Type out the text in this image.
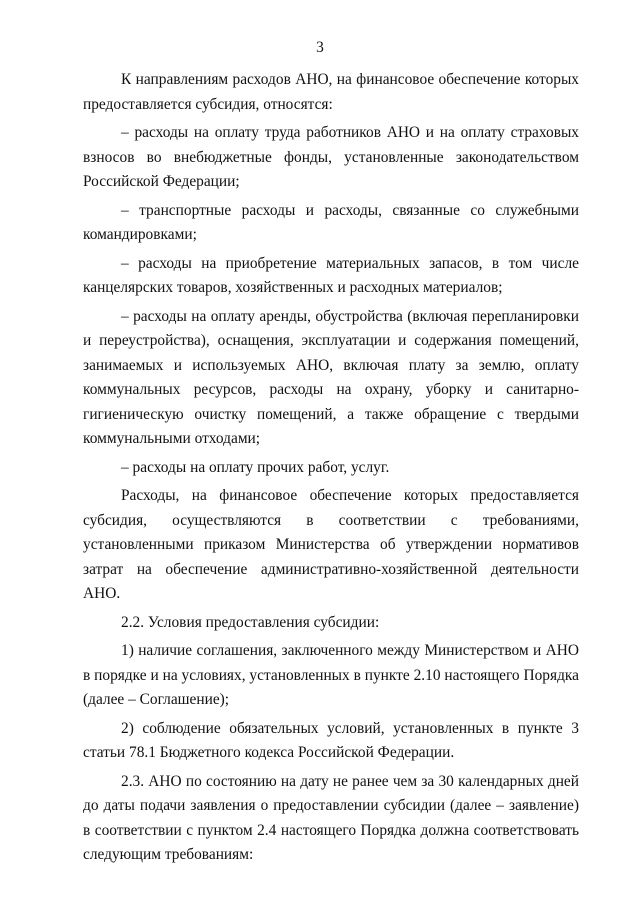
3

К направлениям расходов АНО, на финансовое обеспечение которых предоставляется субсидия, относятся:

– расходы на оплату труда работников АНО и на оплату страховых взносов во внебюджетные фонды, установленные законодательством Российской Федерации;

– транспортные расходы и расходы, связанные со служебными командировками;

– расходы на приобретение материальных запасов, в том числе канцелярских товаров, хозяйственных и расходных материалов;

– расходы на оплату аренды, обустройства (включая перепланировки и переустройства), оснащения, эксплуатации и содержания помещений, занимаемых и используемых АНО, включая плату за землю, оплату коммунальных ресурсов, расходы на охрану, уборку и санитарно-гигиеническую очистку помещений, а также обращение с твердыми коммунальными отходами;

– расходы на оплату прочих работ, услуг.

Расходы, на финансовое обеспечение которых предоставляется субсидия, осуществляются в соответствии с требованиями, установленными приказом Министерства об утверждении нормативов затрат на обеспечение административно-хозяйственной деятельности АНО.

2.2. Условия предоставления субсидии:

1) наличие соглашения, заключенного между Министерством и АНО в порядке и на условиях, установленных в пункте 2.10 настоящего Порядка (далее – Соглашение);

2) соблюдение обязательных условий, установленных в пункте 3 статьи 78.1 Бюджетного кодекса Российской Федерации.

2.3. АНО по состоянию на дату не ранее чем за 30 календарных дней до даты подачи заявления о предоставлении субсидии (далее – заявление) в соответствии с пунктом 2.4 настоящего Порядка должна соответствовать следующим требованиям:
